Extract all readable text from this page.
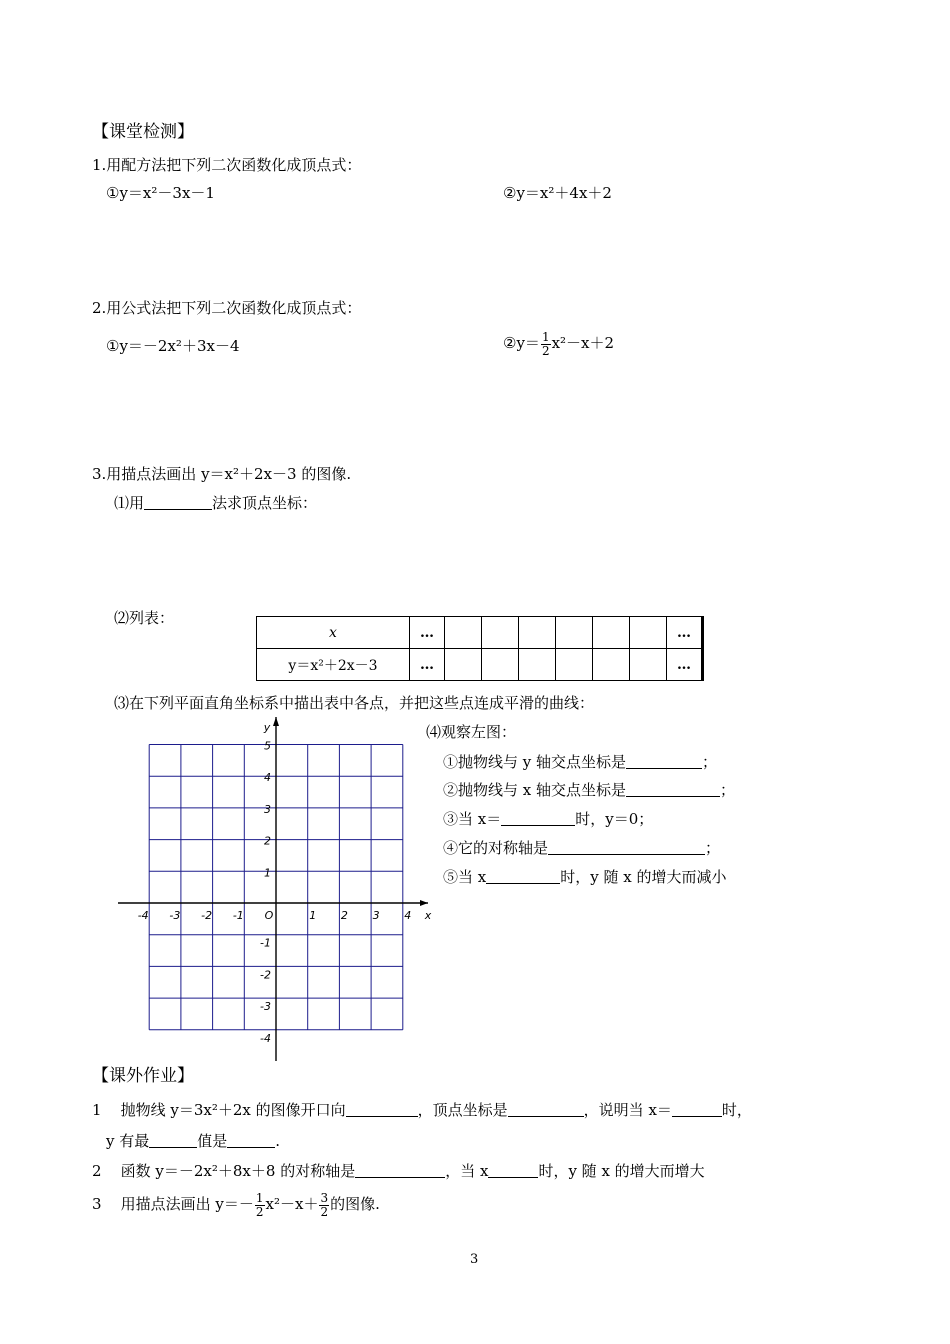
【课堂检测】
1.用配方法把下列二次函数化成顶点式：
①y＝x²－3x－1	②y＝x²＋4x＋2
2.用公式法把下列二次函数化成顶点式：
①y＝－2x²＋3x－4	②y＝ $\frac{1}{2} x^2-x+2$
3.用描点法画出 y＝x²＋2x－3 的图像.
⑴用	法求顶点坐标：
⑵列表：
x	…							…
y＝x²＋2x－3	…							…
⑶在下列平面直角坐标系中描出表中各点，并把这些点连成平滑的曲线：
x
y
O
-4 -3 -2 -1	1 2 3 4
5
4
3
2
1
-1
-2
-3
-4
⑷观察左图：
①抛物线与 y 轴交点坐标是	；
②抛物线与 x 轴交点坐标是	；
③当 x＝	时，y＝0；
④它的对称轴是	；
⑤当 x	时，y 随 x 的增大而减小
【课外作业】
1 抛物线 y＝3x²＋2x 的图像开口向	，顶点坐标是	，说明当 x＝	时，
y 有最	值是	.
2 函数 y＝－2x²＋8x＋8 的对称轴是	，当 x	时，y 随 x 的增大而增大
3 用描点法画出 $y=- \frac{1}{2} x^2-x+ \frac{3}{2}$ 的图像.
3
